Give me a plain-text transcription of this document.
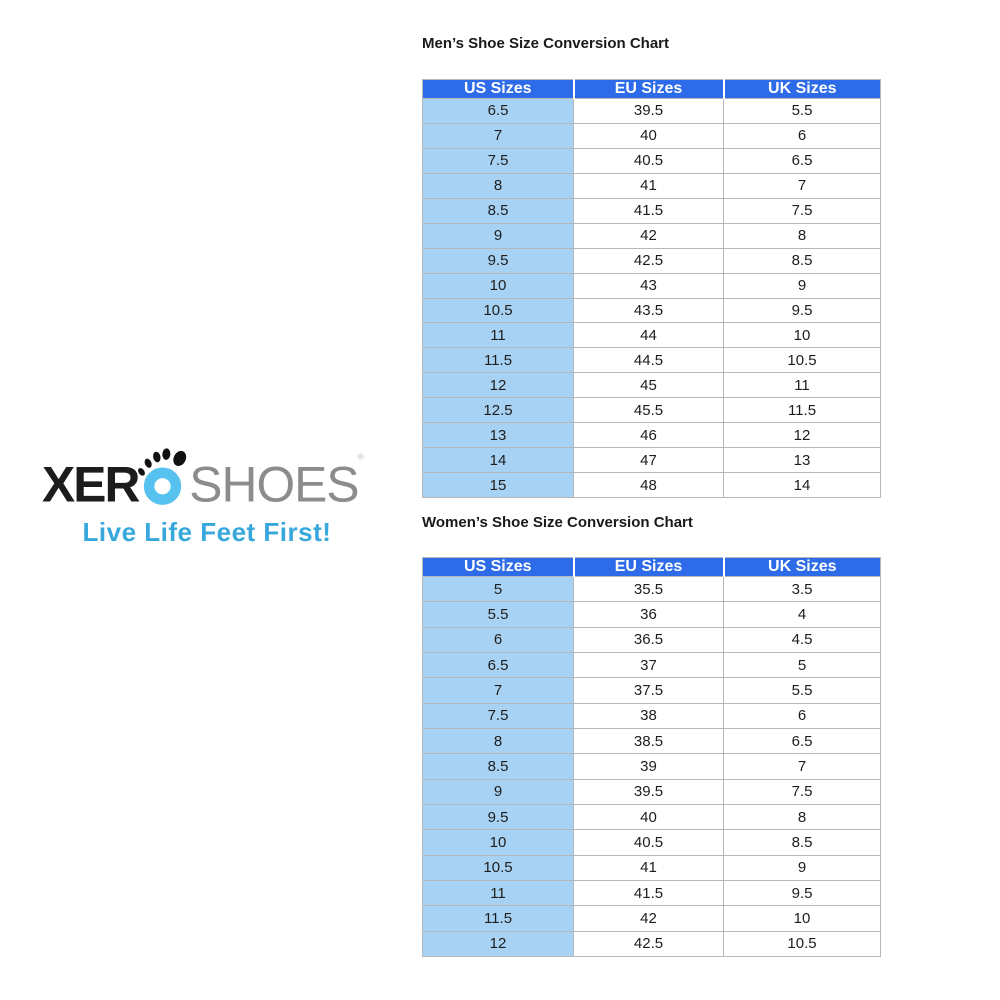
XER SHOES
®
Live Life Feet First!
Men’s Shoe Size Conversion Chart
US Sizes	EU Sizes	UK Sizes
6.5	39.5	5.5
7	40	6
7.5	40.5	6.5
8	41	7
8.5	41.5	7.5
9	42	8
9.5	42.5	8.5
10	43	9
10.5	43.5	9.5
11	44	10
11.5	44.5	10.5
12	45	11
12.5	45.5	11.5
13	46	12
14	47	13
15	48	14
Women’s Shoe Size Conversion Chart
US Sizes	EU Sizes	UK Sizes
5	35.5	3.5
5.5	36	4
6	36.5	4.5
6.5	37	5
7	37.5	5.5
7.5	38	6
8	38.5	6.5
8.5	39	7
9	39.5	7.5
9.5	40	8
10	40.5	8.5
10.5	41	9
11	41.5	9.5
11.5	42	10
12	42.5	10.5
